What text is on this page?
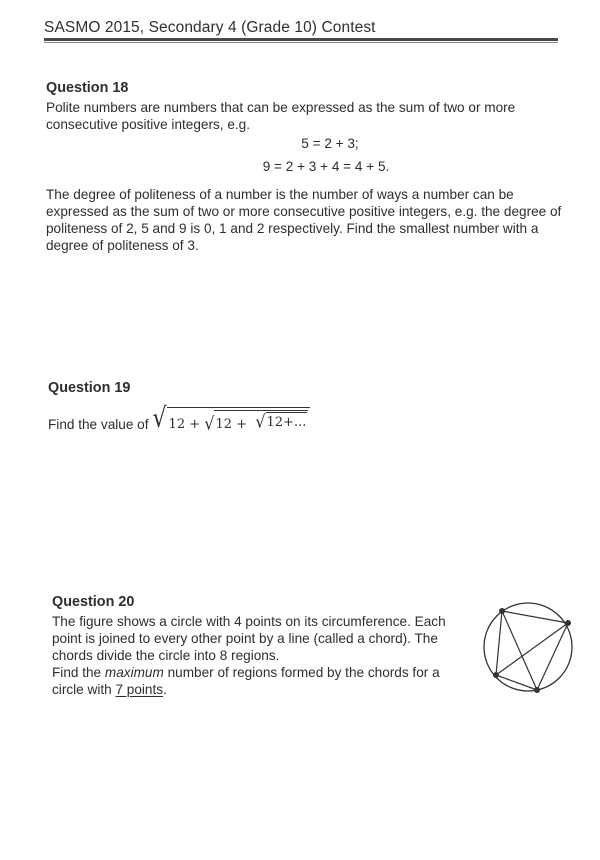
SASMO 2015, Secondary 4 (Grade 10) Contest
Question 18
Polite numbers are numbers that can be expressed as the sum of two or more consecutive positive integers, e.g.
5 = 2 + 3;
9 = 2 + 3 + 4 = 4 + 5.
The degree of politeness of a number is the number of ways a number can be expressed as the sum of two or more consecutive positive integers, e.g. the degree of politeness of 2, 5 and 9 is 0, 1 and 2 respectively. Find the smallest number with a degree of politeness of 3.
Question 19
Find the value of √ 12 +
√ 12 + √ 12+...
Question 20
The figure shows a circle with 4 points on its circumference. Each point is joined to every other point by a line (called a chord). The chords divide the circle into 8 regions.
Find the maximum number of regions formed by the chords for a circle with 7 points.
